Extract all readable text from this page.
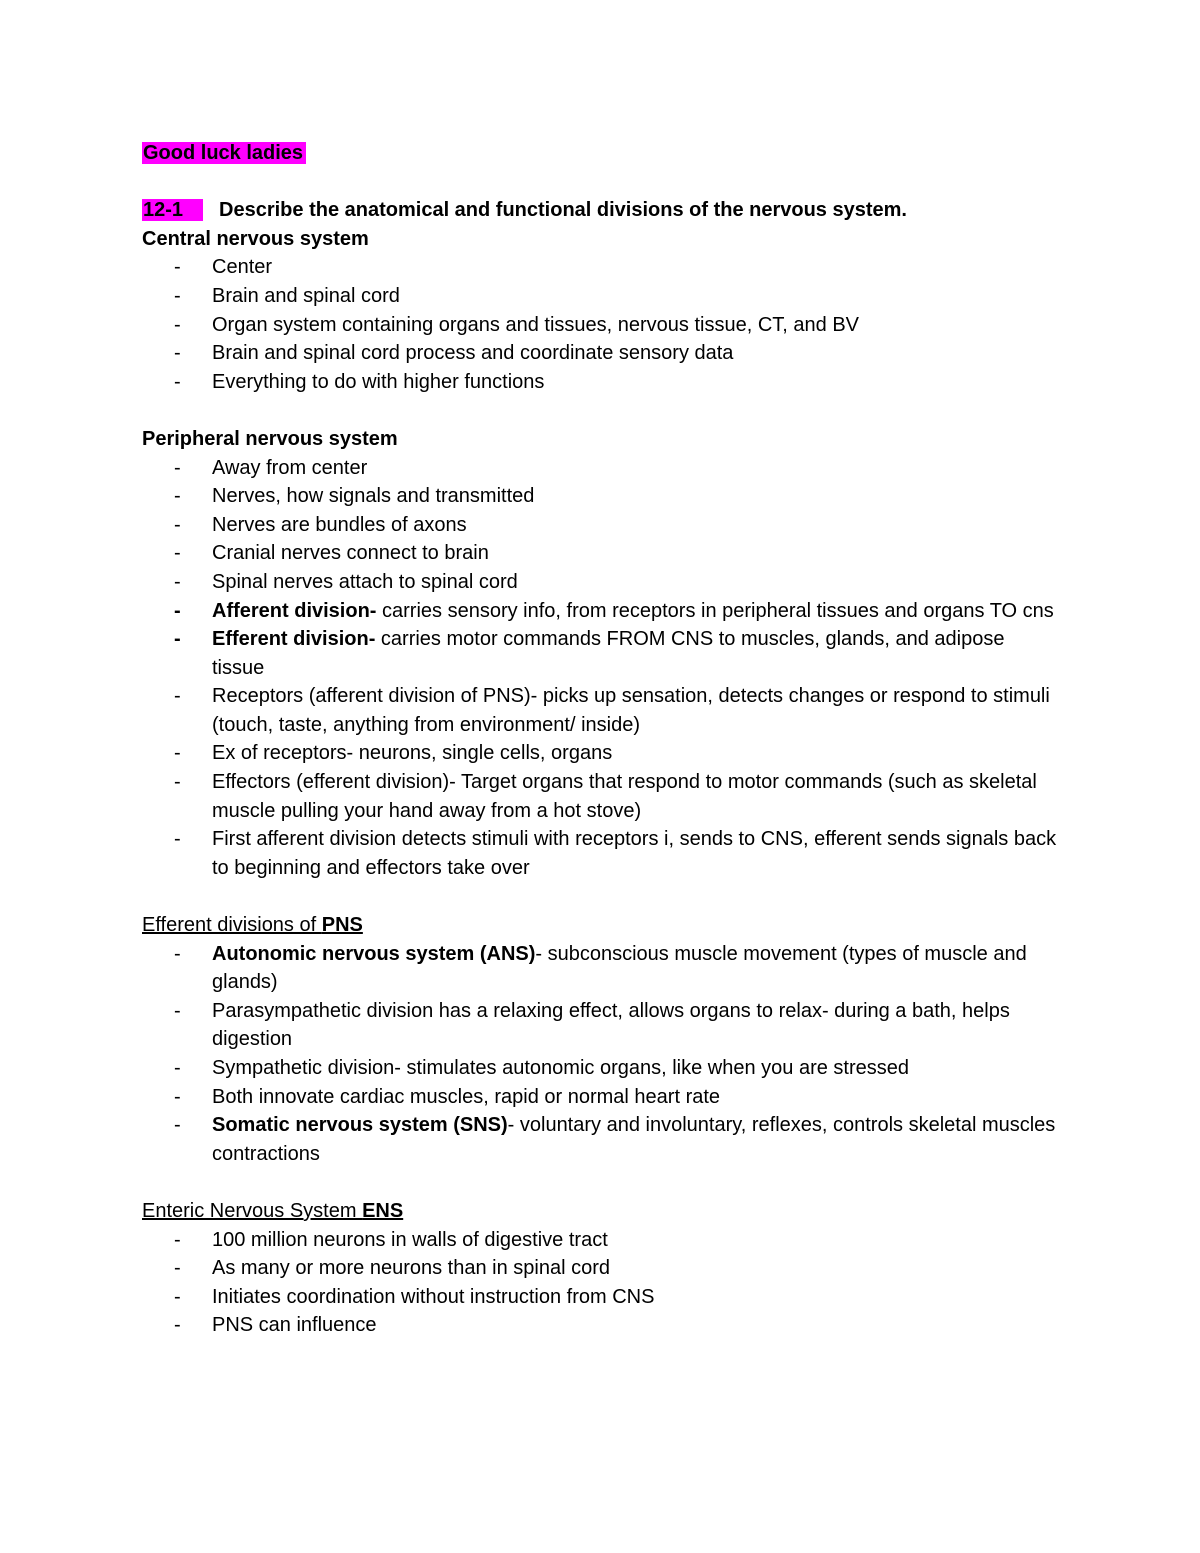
Good luck ladies
12-1 Describe the anatomical and functional divisions of the nervous system.
Central nervous system
- Center
- Brain and spinal cord
- Organ system containing organs and tissues, nervous tissue, CT, and BV
- Brain and spinal cord process and coordinate sensory data
- Everything to do with higher functions
Peripheral nervous system
- Away from center
- Nerves, how signals and transmitted
- Nerves are bundles of axons
- Cranial nerves connect to brain
- Spinal nerves attach to spinal cord
- Afferent division- carries sensory info, from receptors in peripheral tissues and organs TO cns
- Efferent division- carries motor commands FROM CNS to muscles, glands, and adipose tissue
- Receptors (afferent division of PNS)- picks up sensation, detects changes or respond to stimuli (touch, taste, anything from environment/ inside)
- Ex of receptors- neurons, single cells, organs
- Effectors (efferent division)- Target organs that respond to motor commands (such as skeletal muscle pulling your hand away from a hot stove)
- First afferent division detects stimuli with receptors i, sends to CNS, efferent sends signals back to beginning and effectors take over
Efferent divisions of PNS
- Autonomic nervous system (ANS)- subconscious muscle movement (types of muscle and glands)
- Parasympathetic division has a relaxing effect, allows organs to relax- during a bath, helps digestion
- Sympathetic division- stimulates autonomic organs, like when you are stressed
- Both innovate cardiac muscles, rapid or normal heart rate
- Somatic nervous system (SNS)- voluntary and involuntary, reflexes, controls skeletal muscles contractions
Enteric Nervous System ENS
- 100 million neurons in walls of digestive tract
- As many or more neurons than in spinal cord
- Initiates coordination without instruction from CNS
- PNS can influence
